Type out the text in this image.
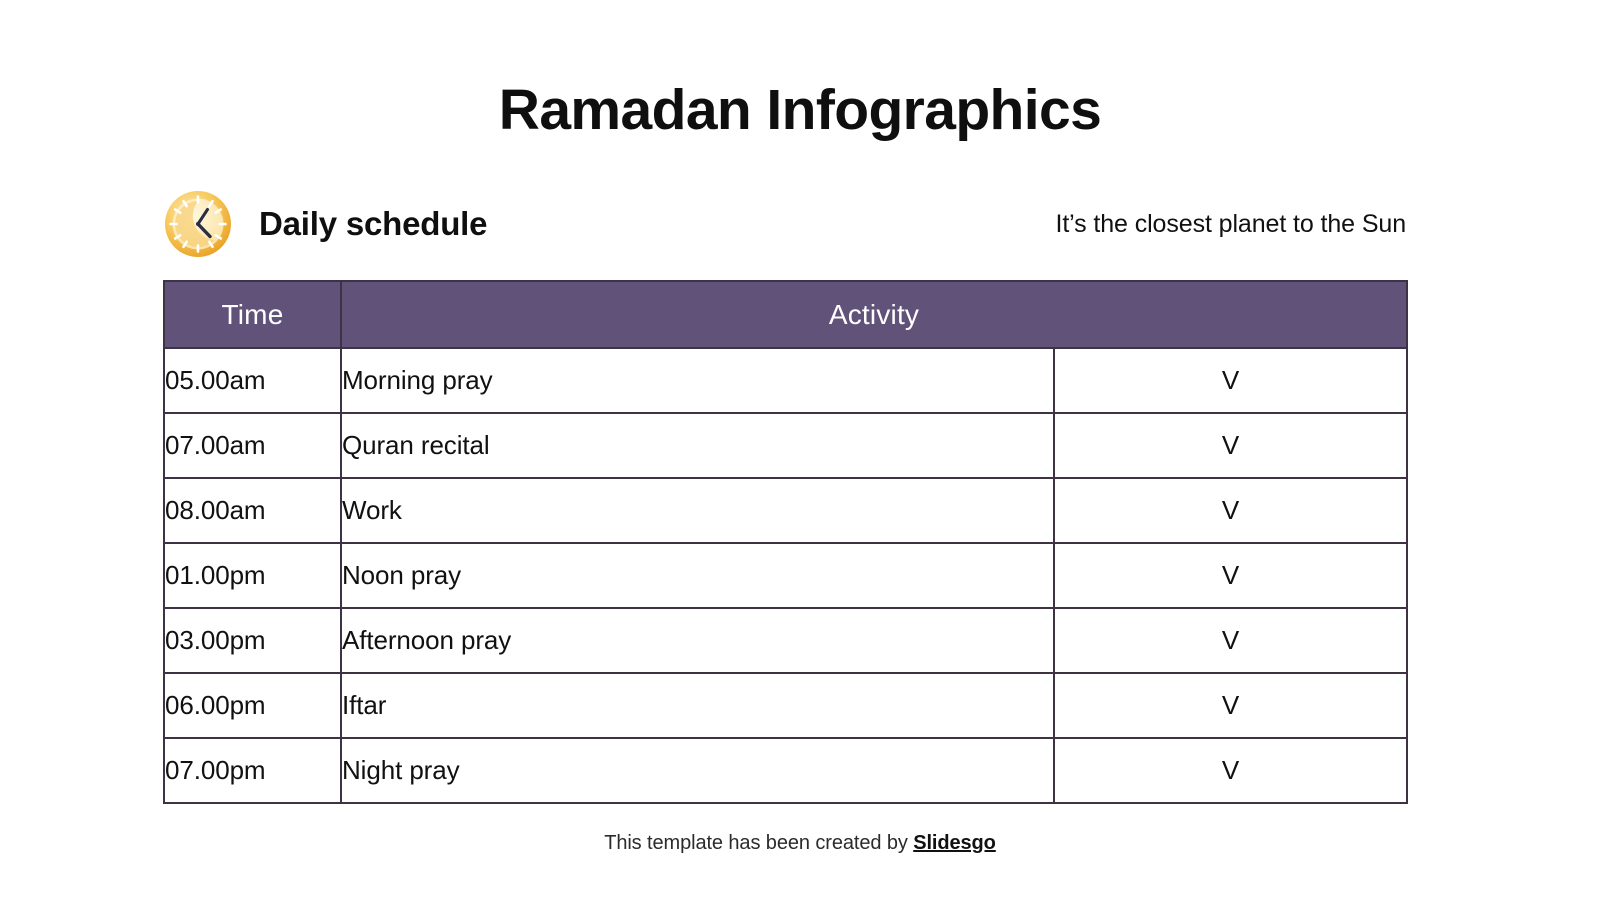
Ramadan Infographics
Daily schedule	It’s the closest planet to the Sun
Time	Activity	
05.00am	Morning pray	V
07.00am	Quran recital	V
08.00am	Work	V
01.00pm	Noon pray	V
03.00pm	Afternoon pray	V
06.00pm	Iftar	V
07.00pm	Night pray	V
This template has been created by Slidesgo
